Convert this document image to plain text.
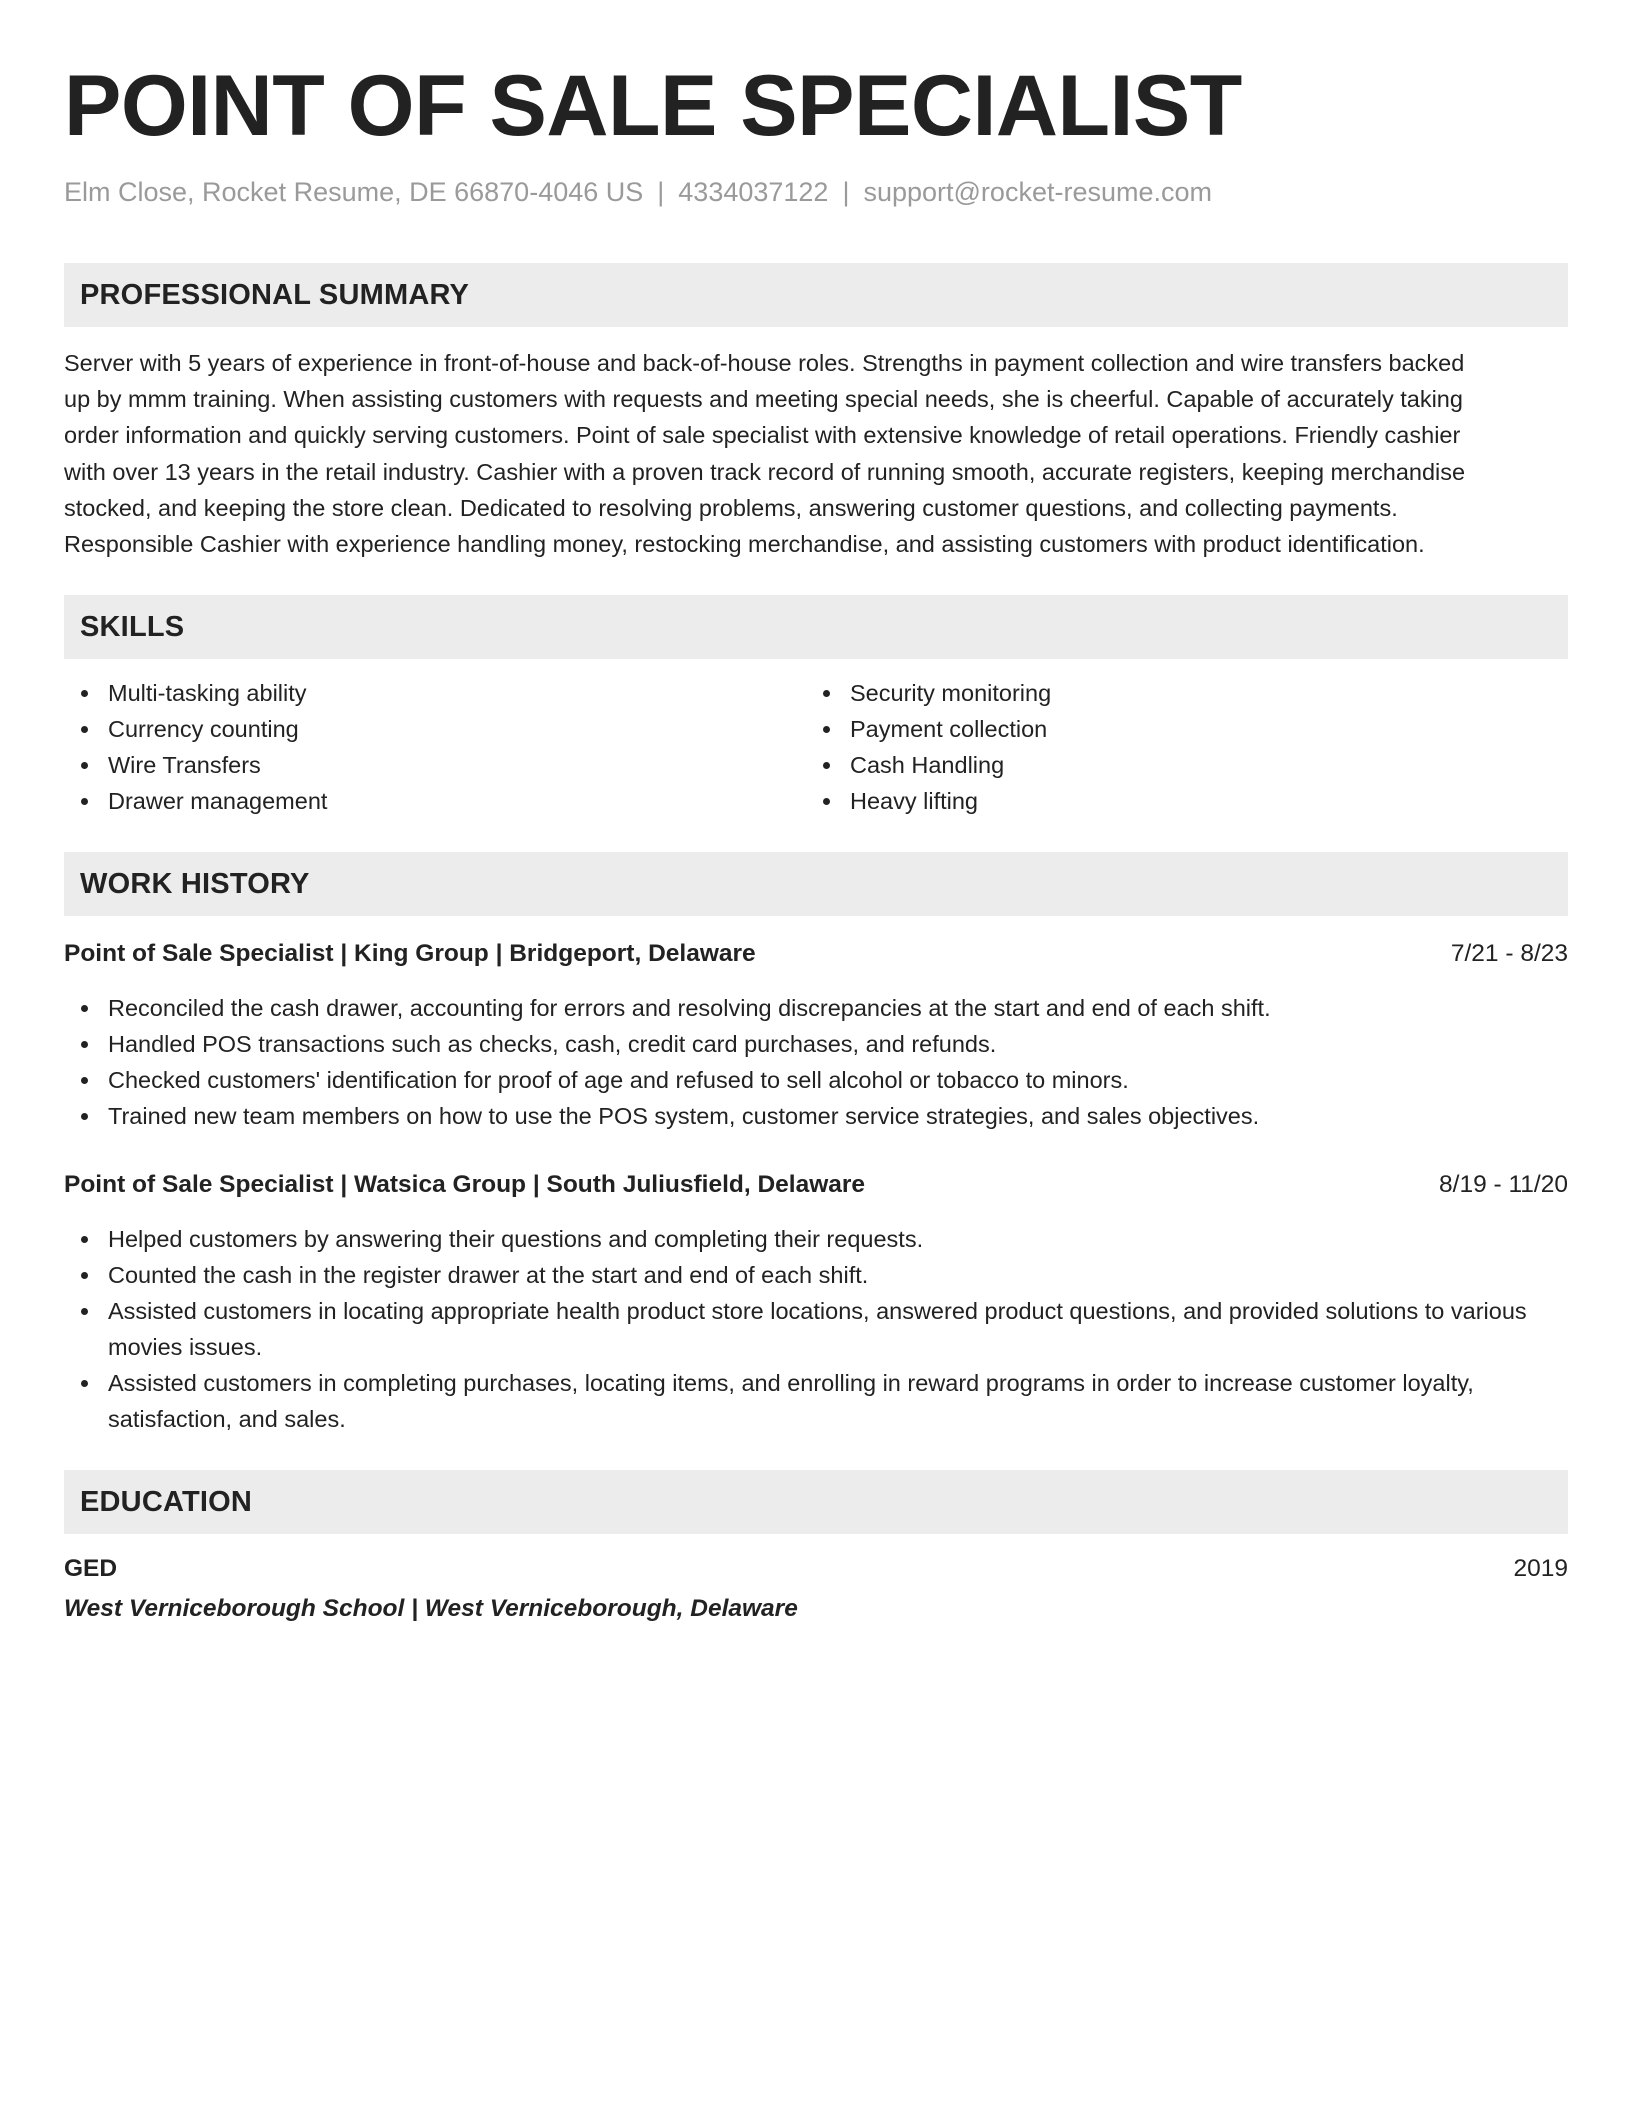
POINT OF SALE SPECIALIST
Elm Close, Rocket Resume, DE 66870-4046 US | 4334037122 | support@rocket-resume.com
PROFESSIONAL SUMMARY
Server with 5 years of experience in front-of-house and back-of-house roles. Strengths in payment collection and wire transfers backed
up by mmm training. When assisting customers with requests and meeting special needs, she is cheerful. Capable of accurately taking
order information and quickly serving customers. Point of sale specialist with extensive knowledge of retail operations. Friendly cashier
with over 13 years in the retail industry. Cashier with a proven track record of running smooth, accurate registers, keeping merchandise
stocked, and keeping the store clean. Dedicated to resolving problems, answering customer questions, and collecting payments.
Responsible Cashier with experience handling money, restocking merchandise, and assisting customers with product identification.
SKILLS
Multi-tasking ability
Currency counting
Wire Transfers
Drawer management
Security monitoring
Payment collection
Cash Handling
Heavy lifting
WORK HISTORY
Point of Sale Specialist | King Group | Bridgeport, Delaware	7/21 - 8/23
Reconciled the cash drawer, accounting for errors and resolving discrepancies at the start and end of each shift.
Handled POS transactions such as checks, cash, credit card purchases, and refunds.
Checked customers' identification for proof of age and refused to sell alcohol or tobacco to minors.
Trained new team members on how to use the POS system, customer service strategies, and sales objectives.
Point of Sale Specialist | Watsica Group | South Juliusfield, Delaware	8/19 - 11/20
Helped customers by answering their questions and completing their requests.
Counted the cash in the register drawer at the start and end of each shift.
Assisted customers in locating appropriate health product store locations, answered product questions, and provided solutions to various movies issues.
Assisted customers in completing purchases, locating items, and enrolling in reward programs in order to increase customer loyalty, satisfaction, and sales.
EDUCATION
GED	2019
West Verniceborough School | West Verniceborough, Delaware
